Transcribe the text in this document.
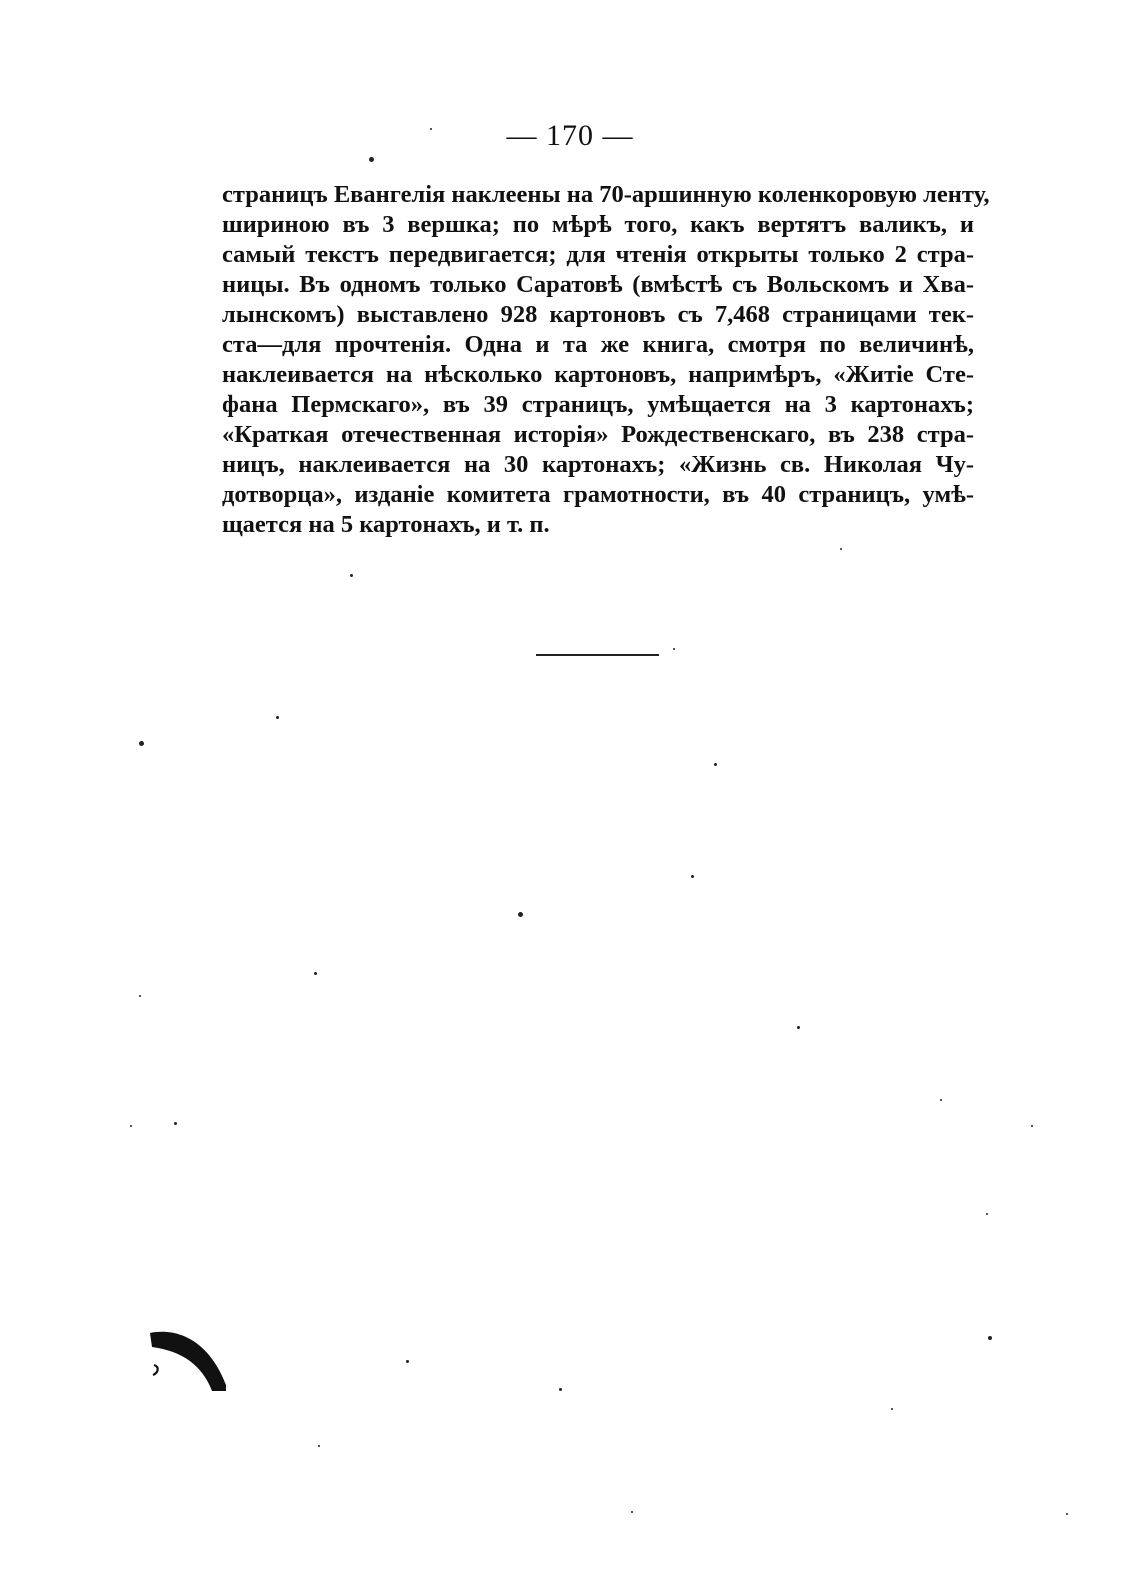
— 170 —
страницъ Евангелія наклеены на 70-аршинную коленкоровую ленту,
шириною въ 3 вершка; по мѣрѣ того, какъ вертятъ валикъ, и
самый текстъ передвигается; для чтенія открыты только 2 стра-
ницы. Въ одномъ только Саратовѣ (вмѣстѣ съ Вольскомъ и Хва-
лынскомъ) выставлено 928 картоновъ съ 7,468 страницами тек-
ста—для прочтенія. Одна и та же книга, смотря по величинѣ,
наклеивается на нѣсколько картоновъ, напримѣръ, «Житіе Сте-
фана Пермскаго», въ 39 страницъ, умѣщается на 3 картонахъ;
«Краткая отечественная исторія» Рождественскаго, въ 238 стра-
ницъ, наклеивается на 30 картонахъ; «Жизнь св. Николая Чу-
дотворца», изданіе комитета грамотности, въ 40 страницъ, умѣ-
щается на 5 картонахъ, и т. п.
